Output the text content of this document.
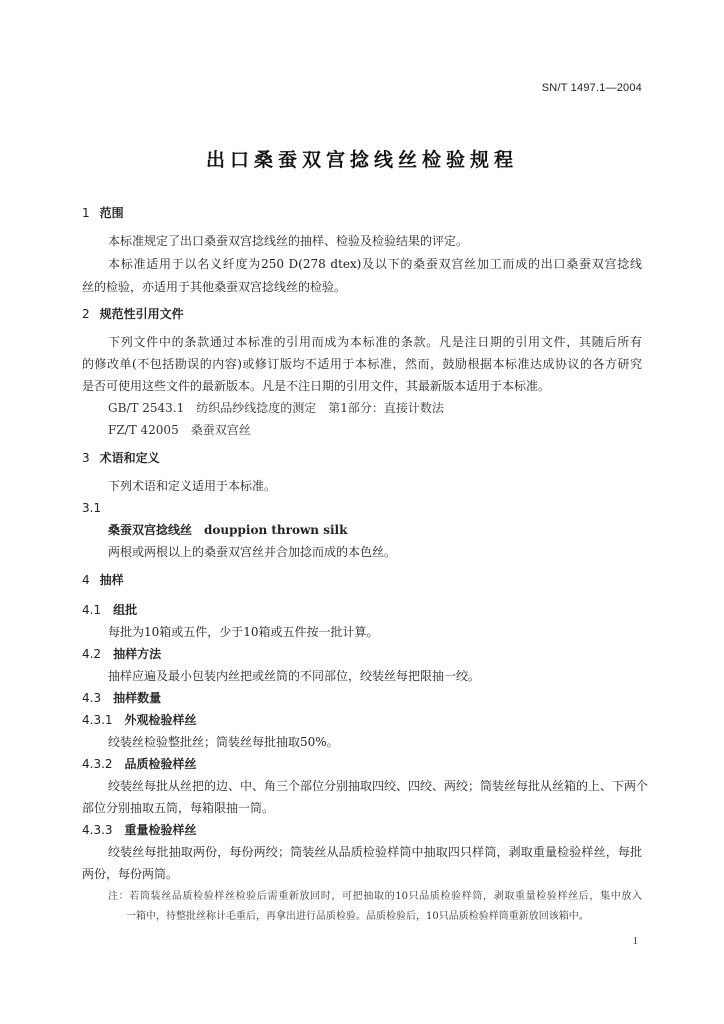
SN/T 1497.1—2004
出口桑蚕双宫捻线丝检验规程
1 范围
本标准规定了出口桑蚕双宫捻线丝的抽样、检验及检验结果的评定。
本标准适用于以名义纤度为250 D(278 dtex)及以下的桑蚕双宫丝加工而成的出口桑蚕双宫捻线
丝的检验，亦适用于其他桑蚕双宫捻线丝的检验。
2 规范性引用文件
下列文件中的条款通过本标准的引用而成为本标准的条款。凡是注日期的引用文件，其随后所有
的修改单(不包括勘误的内容)或修订版均不适用于本标准，然而，鼓励根据本标准达成协议的各方研究
是否可使用这些文件的最新版本。凡是不注日期的引用文件，其最新版本适用于本标准。
GB/T 2543.1　纺织品纱线捻度的测定　第1部分：直接计数法
FZ/T 42005　桑蚕双宫丝
3 术语和定义
下列术语和定义适用于本标准。
3.1
桑蚕双宫捻线丝 douppion thrown silk
两根或两根以上的桑蚕双宫丝并合加捻而成的本色丝。
4 抽样
4.1 组批
每批为10箱或五件，少于10箱或五件按一批计算。
4.2 抽样方法
抽样应遍及最小包装内丝把或丝筒的不同部位，绞装丝每把限抽一绞。
4.3 抽样数量
4.3.1 外观检验样丝
绞装丝检验整批丝；筒装丝每批抽取50%。
4.3.2 品质检验样丝
绞装丝每批从丝把的边、中、角三个部位分别抽取四绞、四绞、两绞；筒装丝每批从丝箱的上、下两个
部位分别抽取五筒，每箱限抽一筒。
4.3.3 重量检验样丝
绞装丝每批抽取两份，每份两绞；筒装丝从品质检验样筒中抽取四只样筒，剥取重量检验样丝，每批
两份，每份两筒。
注：若筒装丝品质检验样丝检验后需重新放回时，可把抽取的10只品质检验样筒，剥取重量检验样丝后，集中放入
一箱中，待整批丝称计毛重后，再拿出进行品质检验。品质检验后，10只品质检验样筒重新放回该箱中。
1
